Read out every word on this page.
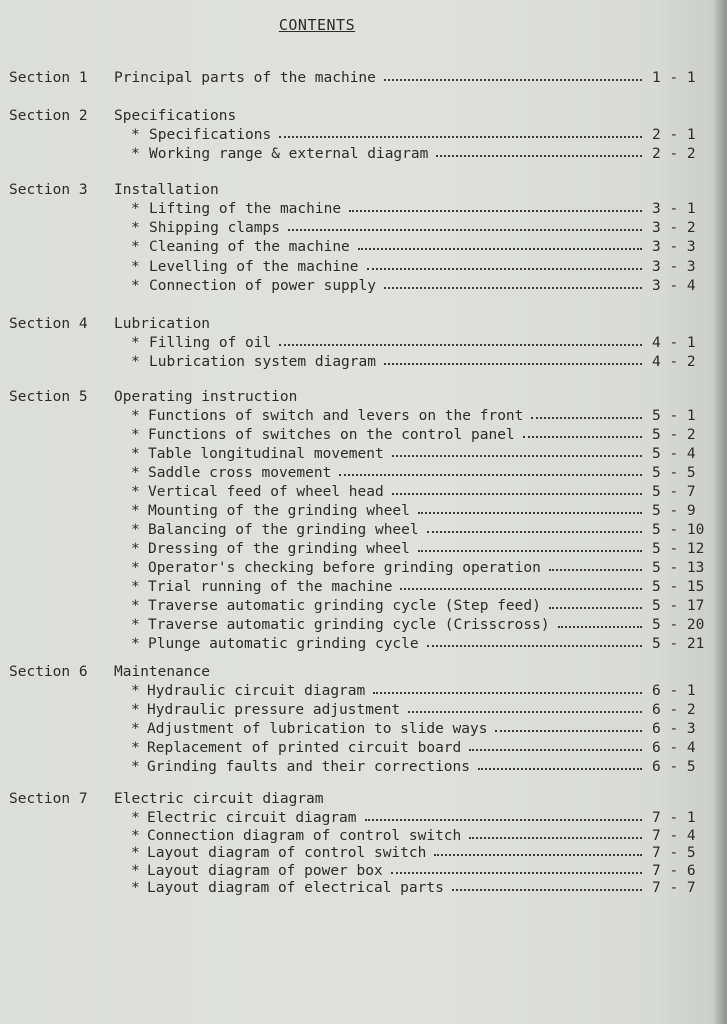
CONTENTS
Section 1 Principal parts of the machine	1 - 1
Section 2 Specifications
* Specifications	2 - 1
* Working range & external diagram	2 - 2
Section 3 Installation
* Lifting of the machine	3 - 1
* Shipping clamps	3 - 2
* Cleaning of the machine	3 - 3
* Levelling of the machine	3 - 3
* Connection of power supply	3 - 4
Section 4 Lubrication
* Filling of oil	4 - 1
* Lubrication system diagram	4 - 2
Section 5 Operating instruction
* Functions of switch and levers on the front	5 - 1
* Functions of switches on the control panel	5 - 2
* Table longitudinal movement	5 - 4
* Saddle cross movement	5 - 5
* Vertical feed of wheel head	5 - 7
* Mounting of the grinding wheel	5 - 9
* Balancing of the grinding wheel	5 - 10
* Dressing of the grinding wheel	5 - 12
* Operator's checking before grinding operation	5 - 13
* Trial running of the machine	5 - 15
* Traverse automatic grinding cycle (Step feed)	5 - 17
* Traverse automatic grinding cycle (Crisscross)	5 - 20
* Plunge automatic grinding cycle	5 - 21
Section 6 Maintenance
* Hydraulic circuit diagram	6 - 1
* Hydraulic pressure adjustment	6 - 2
* Adjustment of lubrication to slide ways	6 - 3
* Replacement of printed circuit board	6 - 4
* Grinding faults and their corrections	6 - 5
Section 7 Electric circuit diagram
* Electric circuit diagram	7 - 1
* Connection diagram of control switch	7 - 4
* Layout diagram of control switch	7 - 5
* Layout diagram of power box	7 - 6
* Layout diagram of electrical parts	7 - 7
